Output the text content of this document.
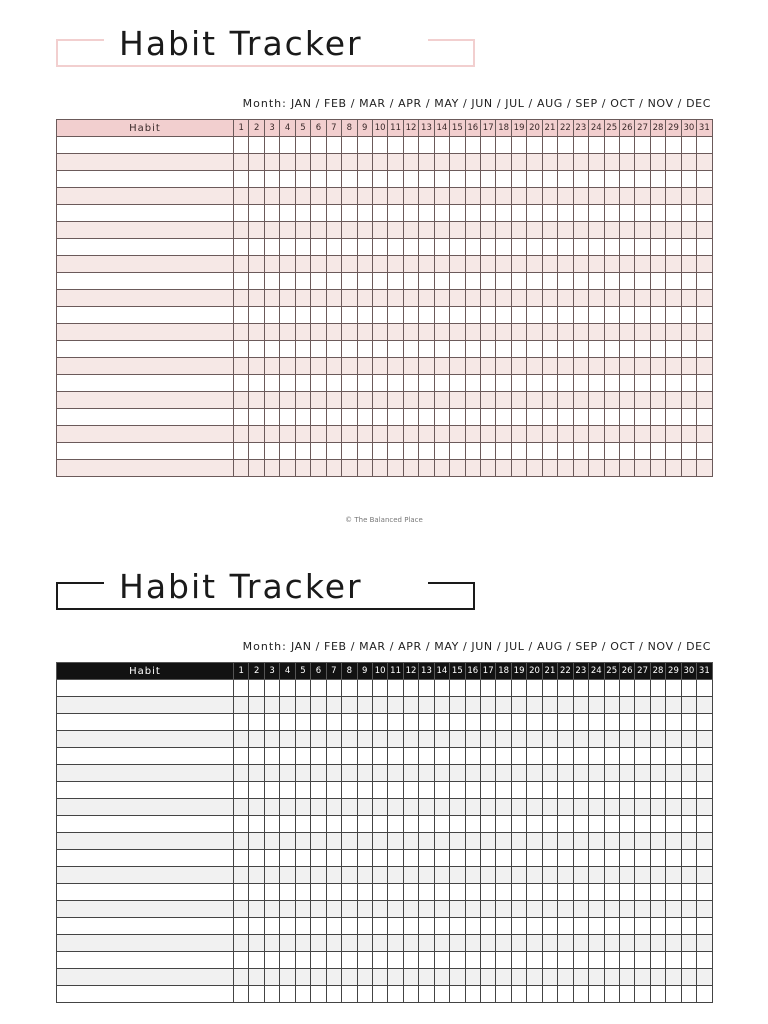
Habit Tracker
Month: JAN / FEB / MAR / APR / MAY / JUN / JUL / AUG / SEP / OCT / NOV / DEC
Habit	1	2	3	4	5	6	7	8	9	10	11	12	13	14	15	16	17	18	19	20	21	22	23	24	25	26	27	28	29	30	31

© The Balanced Place
Habit Tracker
Month: JAN / FEB / MAR / APR / MAY / JUN / JUL / AUG / SEP / OCT / NOV / DEC
Habit	1	2	3	4	5	6	7	8	9	10	11	12	13	14	15	16	17	18	19	20	21	22	23	24	25	26	27	28	29	30	31
